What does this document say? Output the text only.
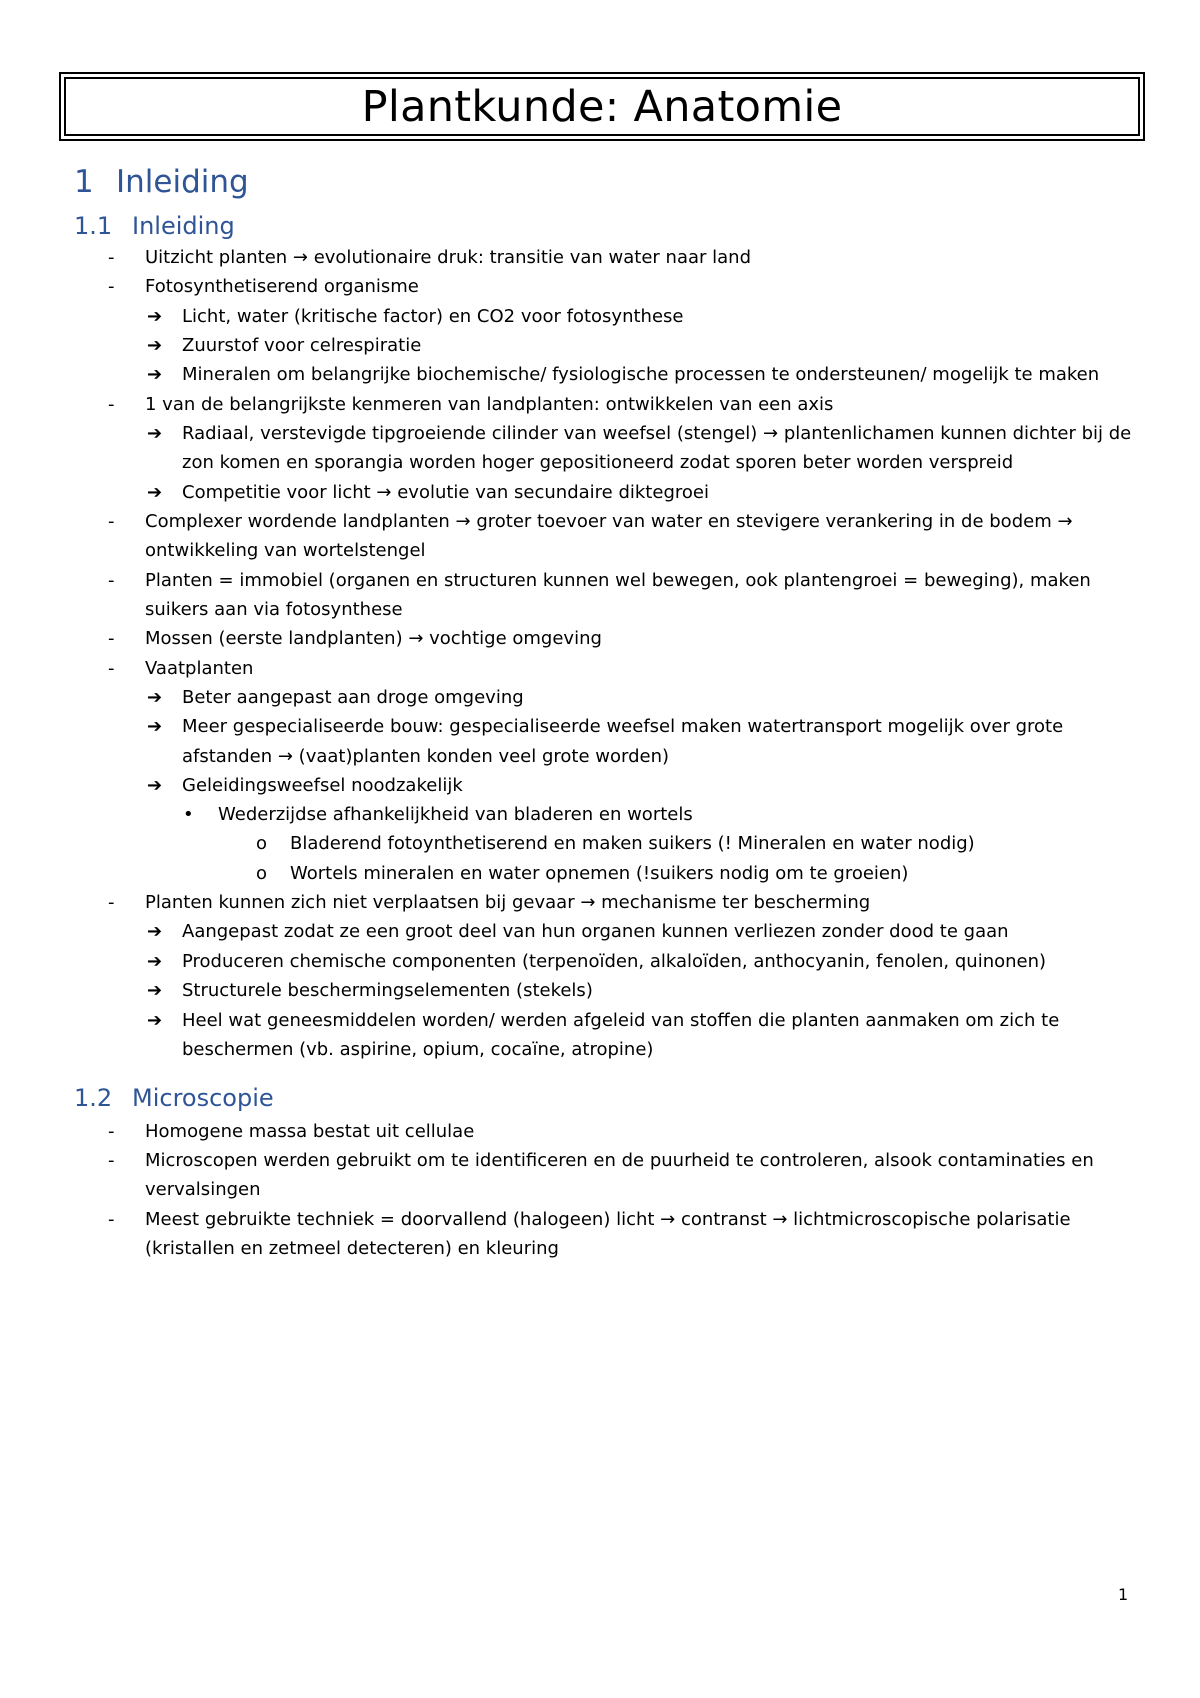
Plantkunde: Anatomie
1 Inleiding
1.1 Inleiding
- Uitzicht planten → evolutionaire druk: transitie van water naar land
- Fotosynthetiserend organisme
➔ Licht, water (kritische factor) en CO2 voor fotosynthese
➔ Zuurstof voor celrespiratie
➔ Mineralen om belangrijke biochemische/ fysiologische processen te ondersteunen/ mogelijk te maken
- 1 van de belangrijkste kenmeren van landplanten: ontwikkelen van een axis
➔ Radiaal, verstevigde tipgroeiende cilinder van weefsel (stengel) → plantenlichamen kunnen dichter bij de
zon komen en sporangia worden hoger gepositioneerd zodat sporen beter worden verspreid
➔ Competitie voor licht → evolutie van secundaire diktegroei
- Complexer wordende landplanten → groter toevoer van water en stevigere verankering in de bodem →
ontwikkeling van wortelstengel
- Planten = immobiel (organen en structuren kunnen wel bewegen, ook plantengroei = beweging), maken
suikers aan via fotosynthese
- Mossen (eerste landplanten) → vochtige omgeving
- Vaatplanten
➔ Beter aangepast aan droge omgeving
➔ Meer gespecialiseerde bouw: gespecialiseerde weefsel maken watertransport mogelijk over grote
afstanden → (vaat)planten konden veel grote worden)
➔ Geleidingsweefsel noodzakelijk
• Wederzijdse afhankelijkheid van bladeren en wortels
o Bladerend fotoynthetiserend en maken suikers (! Mineralen en water nodig)
o Wortels mineralen en water opnemen (!suikers nodig om te groeien)
- Planten kunnen zich niet verplaatsen bij gevaar → mechanisme ter bescherming
➔ Aangepast zodat ze een groot deel van hun organen kunnen verliezen zonder dood te gaan
➔ Produceren chemische componenten (terpenoïden, alkaloïden, anthocyanin, fenolen, quinonen)
➔ Structurele beschermingselementen (stekels)
➔ Heel wat geneesmiddelen worden/ werden afgeleid van stoffen die planten aanmaken om zich te
beschermen (vb. aspirine, opium, cocaïne, atropine)
1.2 Microscopie
- Homogene massa bestat uit cellulae
- Microscopen werden gebruikt om te identificeren en de puurheid te controleren, alsook contaminaties en
vervalsingen
- Meest gebruikte techniek = doorvallend (halogeen) licht → contranst → lichtmicroscopische polarisatie
(kristallen en zetmeel detecteren) en kleuring
1
